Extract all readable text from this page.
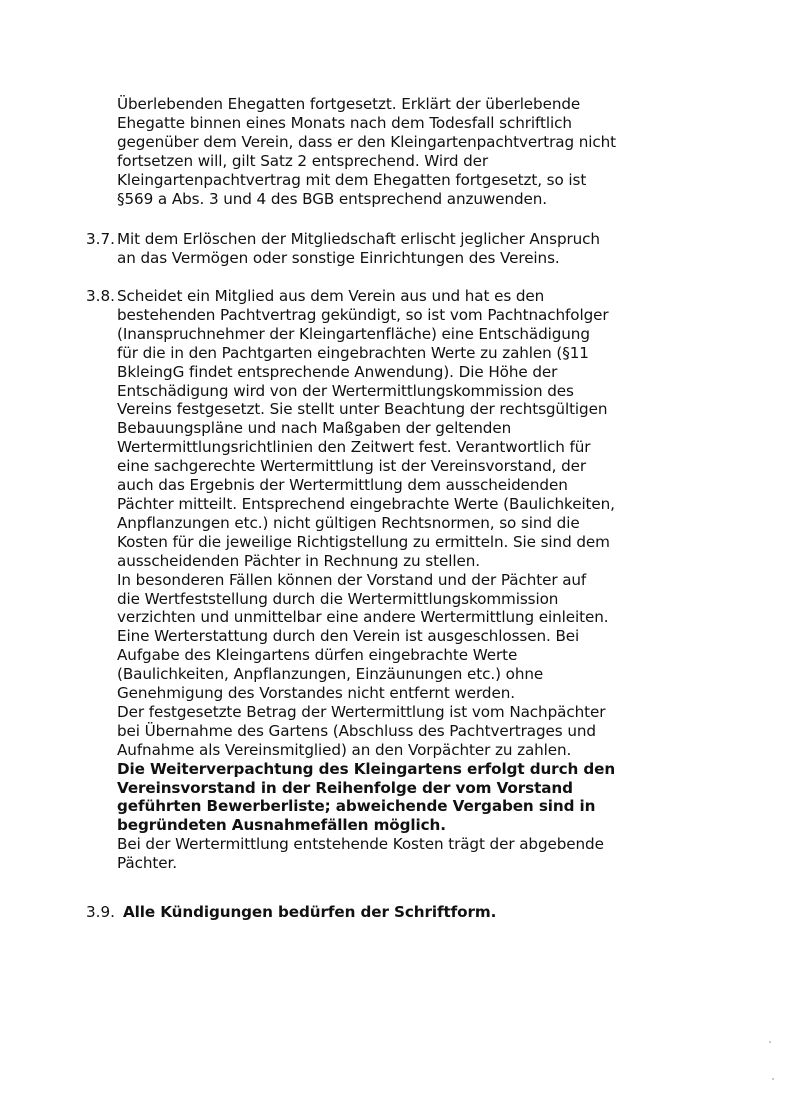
Überlebenden Ehegatten fortgesetzt. Erklärt der überlebende
Ehegatte binnen eines Monats nach dem Todesfall schriftlich
gegenüber dem Verein, dass er den Kleingartenpachtvertrag nicht
fortsetzen will, gilt Satz 2 entsprechend. Wird der
Kleingartenpachtvertrag mit dem Ehegatten fortgesetzt, so ist
§569 a Abs. 3 und 4 des BGB entsprechend anzuwenden.
3.7. Mit dem Erlöschen der Mitgliedschaft erlischt jeglicher Anspruch
an das Vermögen oder sonstige Einrichtungen des Vereins.
3.8. Scheidet ein Mitglied aus dem Verein aus und hat es den
bestehenden Pachtvertrag gekündigt, so ist vom Pachtnachfolger
(Inanspruchnehmer der Kleingartenfläche) eine Entschädigung
für die in den Pachtgarten eingebrachten Werte zu zahlen (§11
BkleingG findet entsprechende Anwendung). Die Höhe der
Entschädigung wird von der Wertermittlungskommission des
Vereins festgesetzt. Sie stellt unter Beachtung der rechtsgültigen
Bebauungspläne und nach Maßgaben der geltenden
Wertermittlungsrichtlinien den Zeitwert fest. Verantwortlich für
eine sachgerechte Wertermittlung ist der Vereinsvorstand, der
auch das Ergebnis der Wertermittlung dem ausscheidenden
Pächter mitteilt. Entsprechend eingebrachte Werte (Baulichkeiten,
Anpflanzungen etc.) nicht gültigen Rechtsnormen, so sind die
Kosten für die jeweilige Richtigstellung zu ermitteln. Sie sind dem
ausscheidenden Pächter in Rechnung zu stellen.
In besonderen Fällen können der Vorstand und der Pächter auf
die Wertfeststellung durch die Wertermittlungskommission
verzichten und unmittelbar eine andere Wertermittlung einleiten.
Eine Werterstattung durch den Verein ist ausgeschlossen. Bei
Aufgabe des Kleingartens dürfen eingebrachte Werte
(Baulichkeiten, Anpflanzungen, Einzäunungen etc.) ohne
Genehmigung des Vorstandes nicht entfernt werden.
Der festgesetzte Betrag der Wertermittlung ist vom Nachpächter
bei Übernahme des Gartens (Abschluss des Pachtvertrages und
Aufnahme als Vereinsmitglied) an den Vorpächter zu zahlen.
Die Weiterverpachtung des Kleingartens erfolgt durch den
Vereinsvorstand in der Reihenfolge der vom Vorstand
geführten Bewerberliste; abweichende Vergaben sind in
begründeten Ausnahmefällen möglich.
Bei der Wertermittlung entstehende Kosten trägt der abgebende
Pächter.
3.9. Alle Kündigungen bedürfen der Schriftform.
